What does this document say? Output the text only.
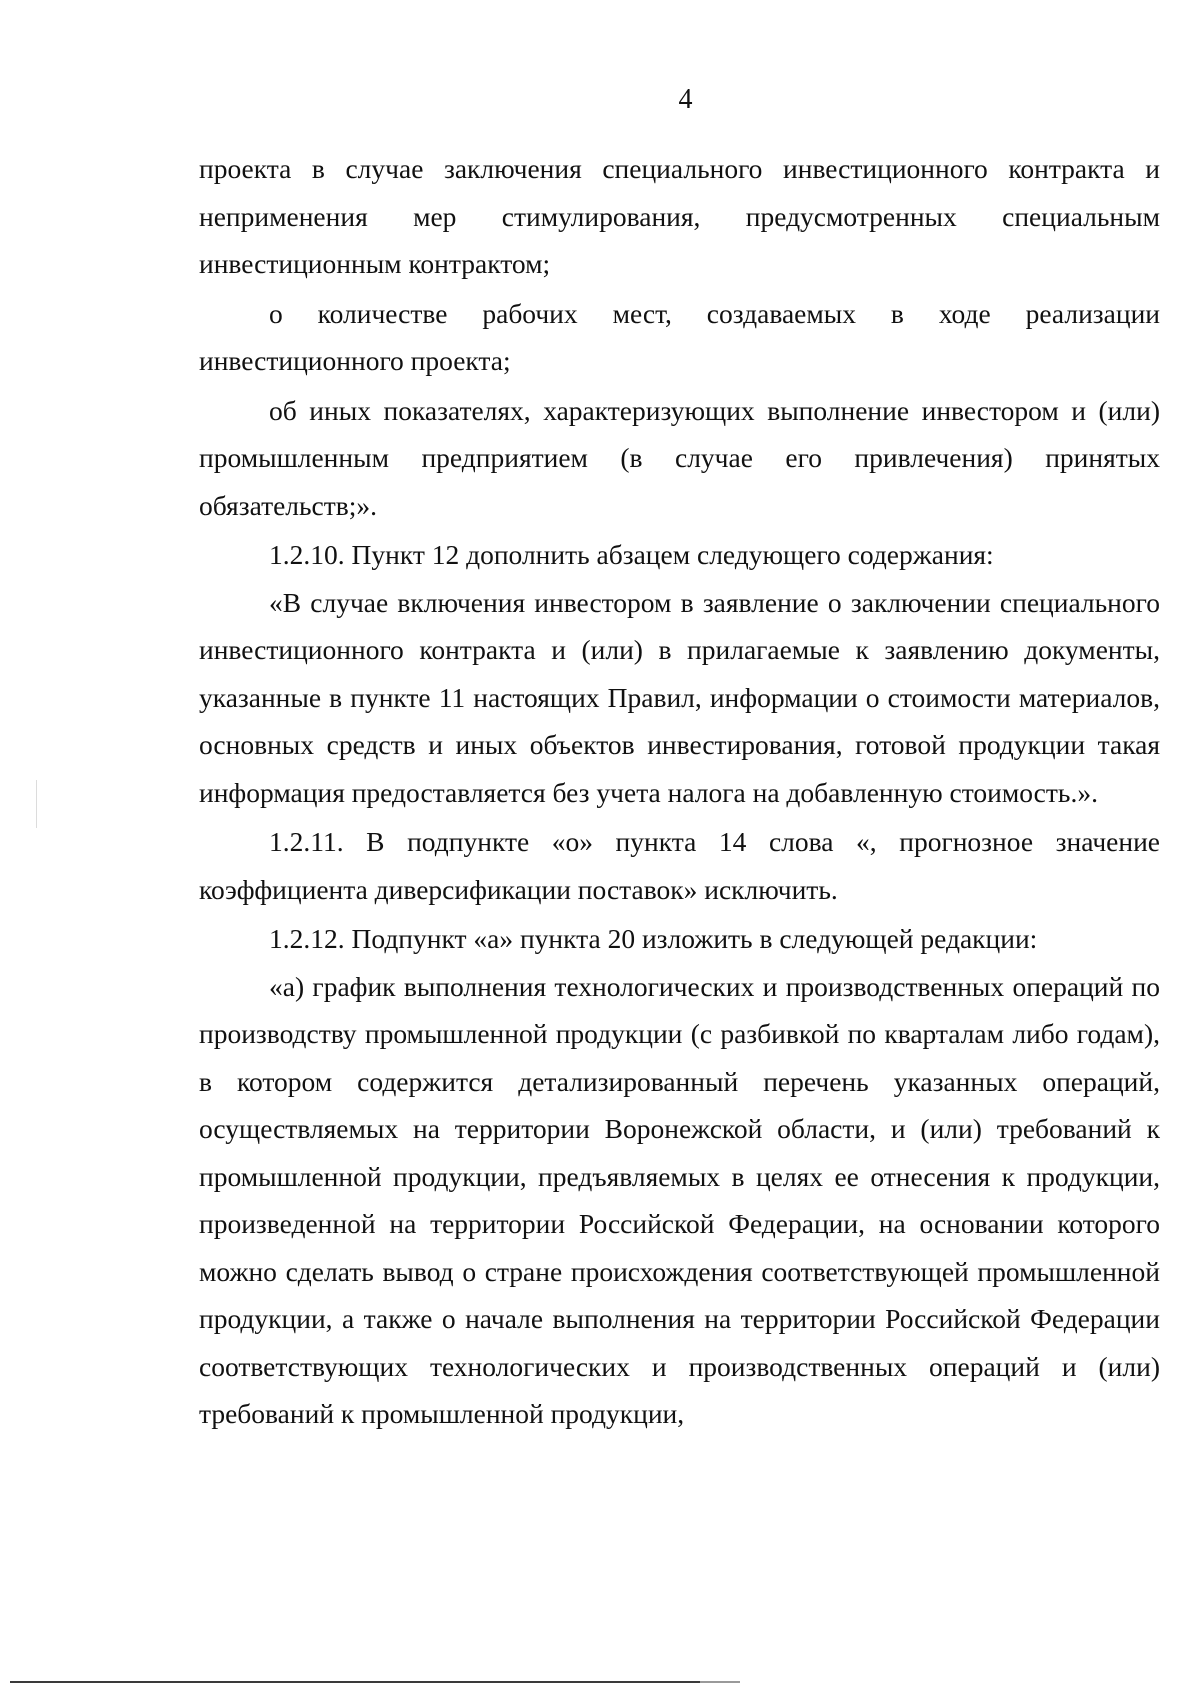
4

проекта в случае заключения специального инвестиционного контракта и неприменения мер стимулирования, предусмотренных специальным инвестиционным контрактом;

о количестве рабочих мест, создаваемых в ходе реализации инвестиционного проекта;

об иных показателях, характеризующих выполнение инвестором и (или) промышленным предприятием (в случае его привлечения) принятых обязательств;».

1.2.10. Пункт 12 дополнить абзацем следующего содержания:

«В случае включения инвестором в заявление о заключении специального инвестиционного контракта и (или) в прилагаемые к заявлению документы, указанные в пункте 11 настоящих Правил, информации о стоимости материалов, основных средств и иных объектов инвестирования, готовой продукции такая информация предоставляется без учета налога на добавленную стоимость.».

1.2.11. В подпункте «о» пункта 14 слова «, прогнозное значение коэффициента диверсификации поставок» исключить.

1.2.12. Подпункт «а» пункта 20 изложить в следующей редакции:

«а) график выполнения технологических и производственных операций по производству промышленной продукции (с разбивкой по кварталам либо годам), в котором содержится детализированный перечень указанных операций, осуществляемых на территории Воронежской области, и (или) требований к промышленной продукции, предъявляемых в целях ее отнесения к продукции, произведенной на территории Российской Федерации, на основании которого можно сделать вывод о стране происхождения соответствующей промышленной продукции, а также о начале выполнения на территории Российской Федерации соответствующих технологических и производственных операций и (или) требований к промышленной продукции,
